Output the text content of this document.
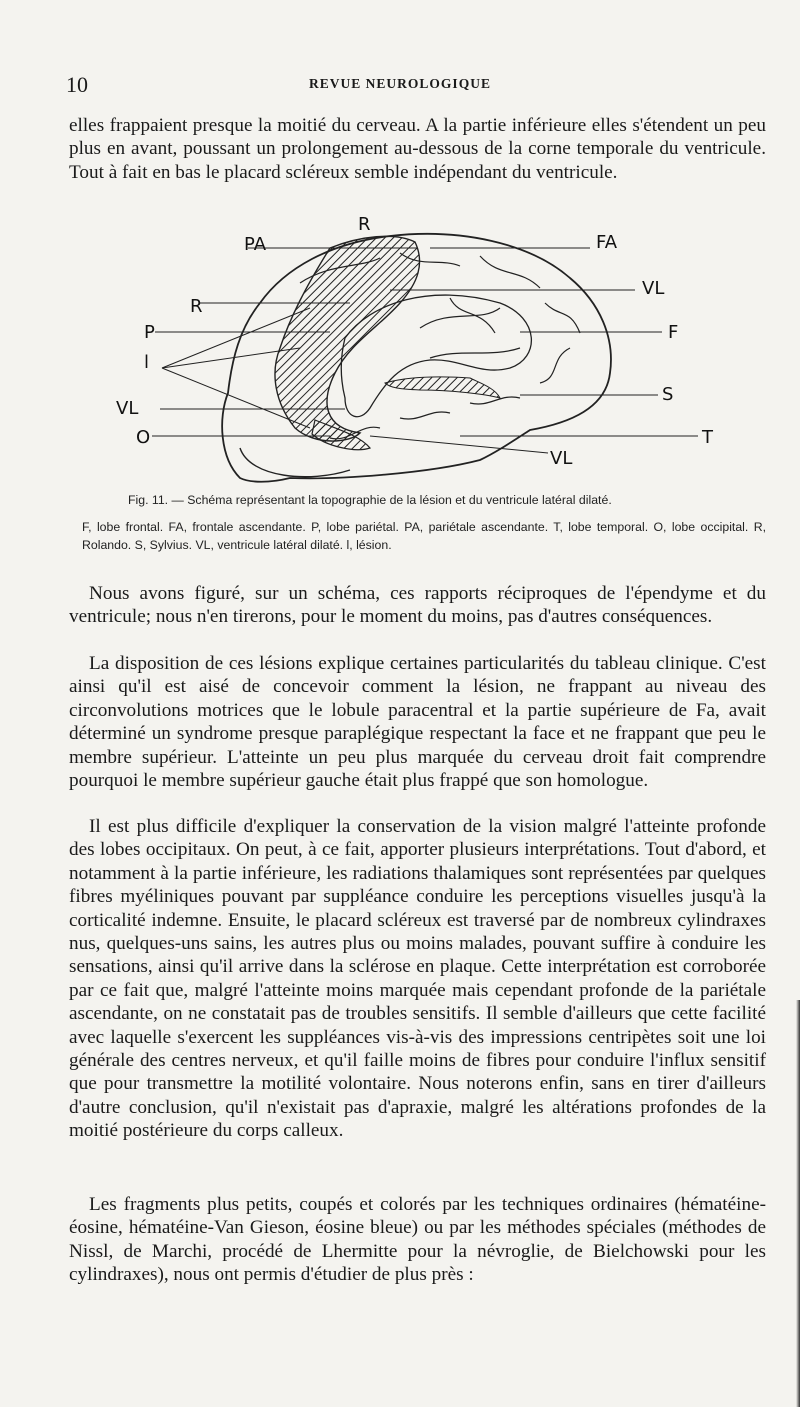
10	REVUE NEUROLOGIQUE

elles frappaient presque la moitié du cerveau. A la partie inférieure elles s'étendent un peu plus en avant, poussant un prolongement au-dessous de la corne temporale du ventricule. Tout à fait en bas le placard scléreux semble indépendant du ventricule.

R
PA	FA
VL
R
P	F
l
S
VL
O	T
VL

Fig. 11. — Schéma représentant la topographie de la lésion et du ventricule latéral dilaté.

F, lobe frontal. FA, frontale ascendante. P, lobe pariétal. PA, pariétale ascendante. T, lobe temporal. O, lobe occipital. R, Rolando. S, Sylvius. VL, ventricule latéral dilaté. l, lésion.

Nous avons figuré, sur un schéma, ces rapports réciproques de l'épendyme et du ventricule; nous n'en tirerons, pour le moment du moins, pas d'autres conséquences.

La disposition de ces lésions explique certaines particularités du tableau clinique. C'est ainsi qu'il est aisé de concevoir comment la lésion, ne frappant au niveau des circonvolutions motrices que le lobule paracentral et la partie supérieure de Fa, avait déterminé un syndrome presque paraplégique respectant la face et ne frappant que peu le membre supérieur. L'atteinte un peu plus marquée du cerveau droit fait comprendre pourquoi le membre supérieur gauche était plus frappé que son homologue.

Il est plus difficile d'expliquer la conservation de la vision malgré l'atteinte profonde des lobes occipitaux. On peut, à ce fait, apporter plusieurs interprétations. Tout d'abord, et notamment à la partie inférieure, les radiations thalamiques sont représentées par quelques fibres myéliniques pouvant par suppléance conduire les perceptions visuelles jusqu'à la corticalité indemne. Ensuite, le placard scléreux est traversé par de nombreux cylindraxes nus, quelques-uns sains, les autres plus ou moins malades, pouvant suffire à conduire les sensations, ainsi qu'il arrive dans la sclérose en plaque. Cette interprétation est corroborée par ce fait que, malgré l'atteinte moins marquée mais cependant profonde de la pariétale ascendante, on ne constatait pas de troubles sensitifs. Il semble d'ailleurs que cette facilité avec laquelle s'exercent les suppléances vis-à-vis des impressions centripètes soit une loi générale des centres nerveux, et qu'il faille moins de fibres pour conduire l'influx sensitif que pour transmettre la motilité volontaire. Nous noterons enfin, sans en tirer d'ailleurs d'autre conclusion, qu'il n'existait pas d'apraxie, malgré les altérations profondes de la moitié postérieure du corps calleux.

Les fragments plus petits, coupés et colorés par les techniques ordinaires (hématéine-éosine, hématéine-Van Gieson, éosine bleue) ou par les méthodes spéciales (méthodes de Nissl, de Marchi, procédé de Lhermitte pour la névroglie, de Bielchowski pour les cylindraxes), nous ont permis d'étudier de plus près :
